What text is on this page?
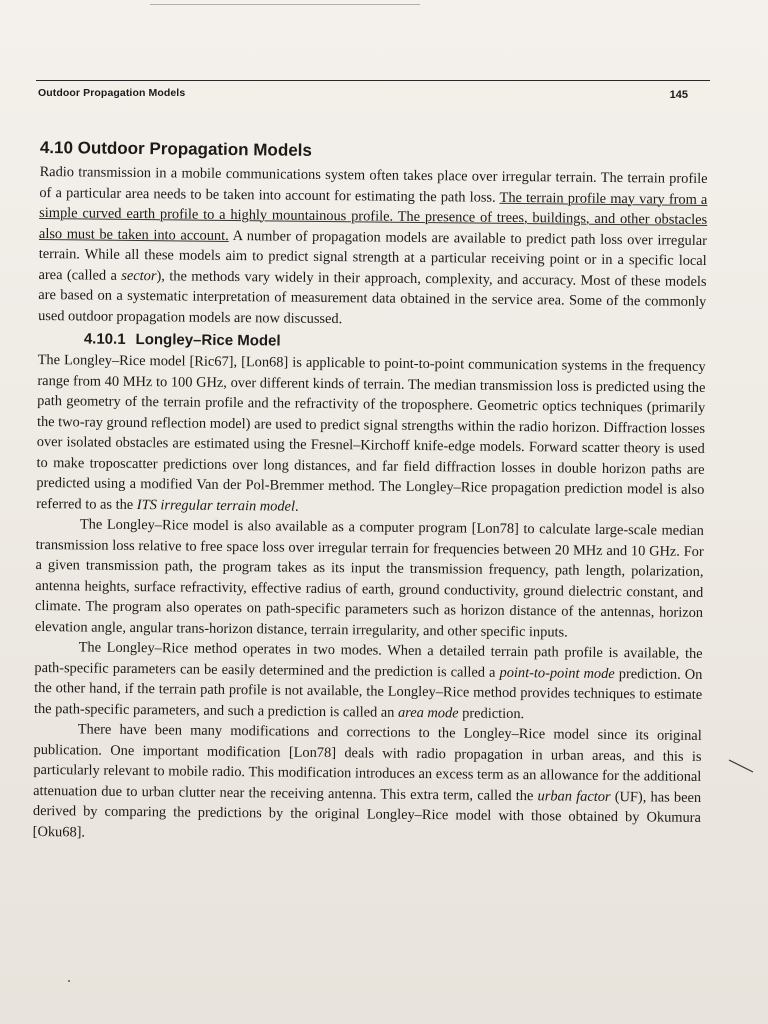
Outdoor Propagation Models	145
4.10 Outdoor Propagation Models

Radio transmission in a mobile communications system often takes place over irregular terrain. The terrain profile of a particular area needs to be taken into account for estimating the path loss. The terrain profile may vary from a simple curved earth profile to a highly mountainous profile. The presence of trees, buildings, and other obstacles also must be taken into account. A number of propagation models are available to predict path loss over irregular terrain. While all these models aim to predict signal strength at a particular receiving point or in a specific local area (called a sector), the methods vary widely in their approach, complexity, and accuracy. Most of these models are based on a systematic interpretation of measurement data obtained in the service area. Some of the commonly used outdoor propagation models are now discussed.

4.10.1 Longley–Rice Model

The Longley–Rice model [Ric67], [Lon68] is applicable to point-to-point communication systems in the frequency range from 40 MHz to 100 GHz, over different kinds of terrain. The median transmission loss is predicted using the path geometry of the terrain profile and the refractivity of the troposphere. Geometric optics techniques (primarily the two-ray ground reflection model) are used to predict signal strengths within the radio horizon. Diffraction losses over isolated obstacles are estimated using the Fresnel–Kirchoff knife-edge models. Forward scatter theory is used to make troposcatter predictions over long distances, and far field diffraction losses in double horizon paths are predicted using a modified Van der Pol-Bremmer method. The Longley–Rice propagation prediction model is also referred to as the ITS irregular terrain model.

The Longley–Rice model is also available as a computer program [Lon78] to calculate large-scale median transmission loss relative to free space loss over irregular terrain for frequencies between 20 MHz and 10 GHz. For a given transmission path, the program takes as its input the transmission frequency, path length, polarization, antenna heights, surface refractivity, effective radius of earth, ground conductivity, ground dielectric constant, and climate. The program also operates on path-specific parameters such as horizon distance of the antennas, horizon elevation angle, angular trans-horizon distance, terrain irregularity, and other specific inputs.

The Longley–Rice method operates in two modes. When a detailed terrain path profile is available, the path-specific parameters can be easily determined and the prediction is called a point-to-point mode prediction. On the other hand, if the terrain path profile is not available, the Longley–Rice method provides techniques to estimate the path-specific parameters, and such a prediction is called an area mode prediction.

There have been many modifications and corrections to the Longley–Rice model since its original publication. One important modification [Lon78] deals with radio propagation in urban areas, and this is particularly relevant to mobile radio. This modification introduces an excess term as an allowance for the additional attenuation due to urban clutter near the receiving antenna. This extra term, called the urban factor (UF), has been derived by comparing the predictions by the original Longley–Rice model with those obtained by Okumura [Oku68].
